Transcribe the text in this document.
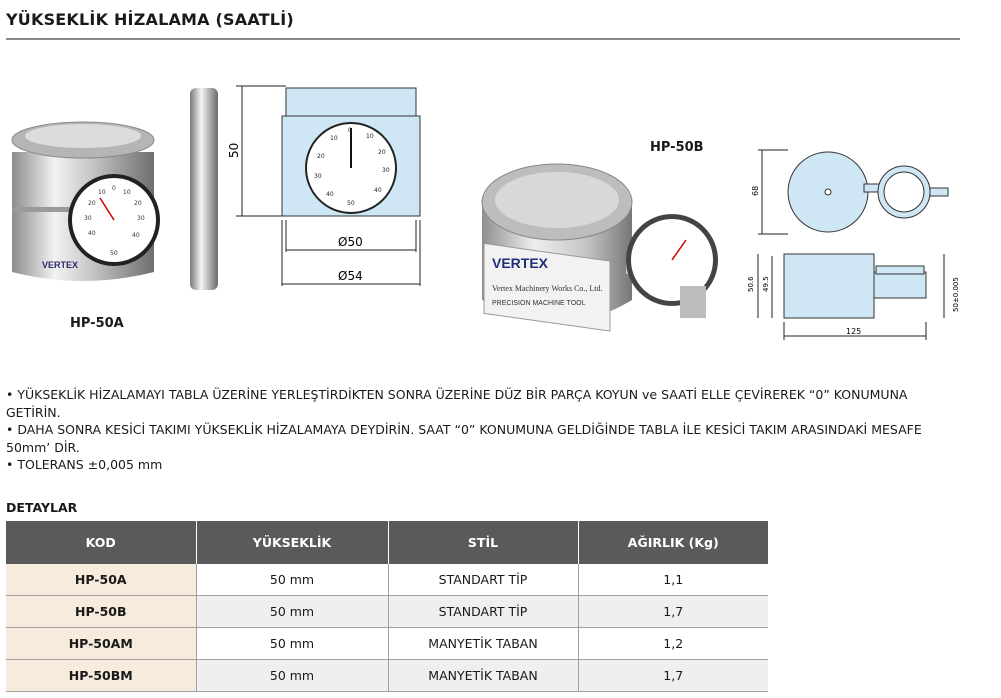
YÜKSEKLİK HİZALAMA (SAATLİ)
VERTEX
0
10
20
30
40
50
10
20
30
40
HP-50A
50
0
10
20
30
40
50
40
30
20
10
Ø50
Ø54
HP-50B
VERTEX
Vertex Machinery Works Co., Ltd.
PRECISION MACHINE TOOL
68
50.6 49.5	50±0.005
125
• YÜKSEKLİK HİZALAMAYI TABLA ÜZERİNE YERLEŞTİRDİKTEN SONRA ÜZERİNE DÜZ BİR PARÇA KOYUN ve SAATİ ELLE ÇEVİREREK “0” KONUMUNA GETİRİN.
• DAHA SONRA KESİCİ TAKIMI YÜKSEKLİK HİZALAMAYA DEYDİRİN. SAAT “0” KONUMUNA GELDİĞİNDE TABLA İLE KESİCİ TAKIM ARASINDAKİ MESAFE 50mm’ DİR.
• TOLERANS ±0,005 mm
DETAYLAR
KOD	YÜKSEKLİK	STİL	AĞIRLIK (Kg)
HP-50A	50 mm	STANDART TİP	1,1
HP-50B	50 mm	STANDART TİP	1,7
HP-50AM	50 mm	MANYETİK TABAN	1,2
HP-50BM	50 mm	MANYETİK TABAN	1,7
